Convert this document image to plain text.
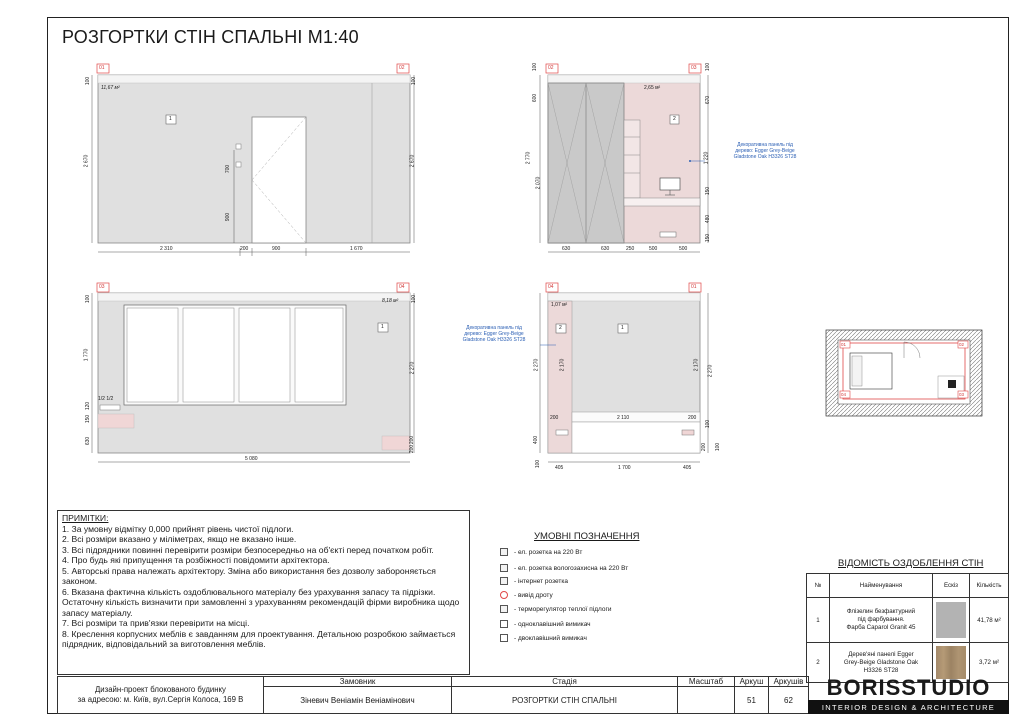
РОЗГОРТКИ СТІН СПАЛЬНІ М1:40
01	02
11,67 м²
1
2 310	200	900	1 670
100
2 670
100
2 670
700
900
02	03
2,65 м²
2
100
600
2 770
2 070
100
670
1 220
150
480
150
630	630	250	500	500
Декоративна панель під
дерево: Egger Grey-Beige
Gladstone Oak H3326 ST28
03	04
8,18 м²
1
1/2 1/2
5 080
100
1 770
120
150
630
100
2 270
200
200
04	01
1,07 м²
2	1
2 270	2 170
400
100
2 170 2 270
100
200 100
200	2 110	200
405	1 700	405
Декоративна панель під
дерево: Egger Grey-Beige
Gladstone Oak H3326 ST28
01	02
03
04
ПРИМІТКИ:
1. За умовну відмітку 0,000 прийнят рівень чистої підлоги.
2. Всі розміри вказано у міліметрах, якщо не вказано інше.
3. Всі підрядники повинні перевірити розміри безпосередньо на об'єкті перед початком робіт.
4. Про будь які припущення та розбіжності повідомити архітектора.
5. Авторські права належать архітектору. Зміна або використання без дозволу забороняється законом.
6. Вказана фактична кількість оздоблювального матеріалу без урахування запасу та підрізки. Остаточну кількість визначити при замовленні з урахуванням рекомендацій фірми виробника щодо запасу матеріалу.
7. Всі розміри та прив'язки перевірити на місці.
8. Креслення корпусних меблів є завданням для проектування. Детальною розробкою займається підрядник, відповідальний за виготовлення меблів.
УМОВНІ ПОЗНАЧЕННЯ
- ел. розетка на 220 Вт
- ел. розетка вологозахисна на 220 Вт
- інтернет розетка
- вивід дроту
- терморегулятор теплої підлоги
- одноклавішний вимикач
- двоклавішний вимикач
ВІДОМІСТЬ ОЗДОБЛЕННЯ СТІН
№	Найменування	Ескіз	Кількість
1	Флізелин безфактурний
під фарбування.
Фарба Caparol Granit 45		41,78 м²
2	Дерев'яні панелі Egger
Grey-Beige Gladstone Oak
H3326 ST28		3,72 м²
Дизайн-проект блокованого будинку
за адресою: м. Київ, вул.Сергія Колоса, 169 В
Замовник
Зіневич Веніамін Веніамінович
Стадія
РОЗГОРТКИ СТІН СПАЛЬНІ
Масштаб	Аркуш
51
Аркушів
62	BORISSTUDIO
INTERIOR DESIGN & ARCHITECTURE
